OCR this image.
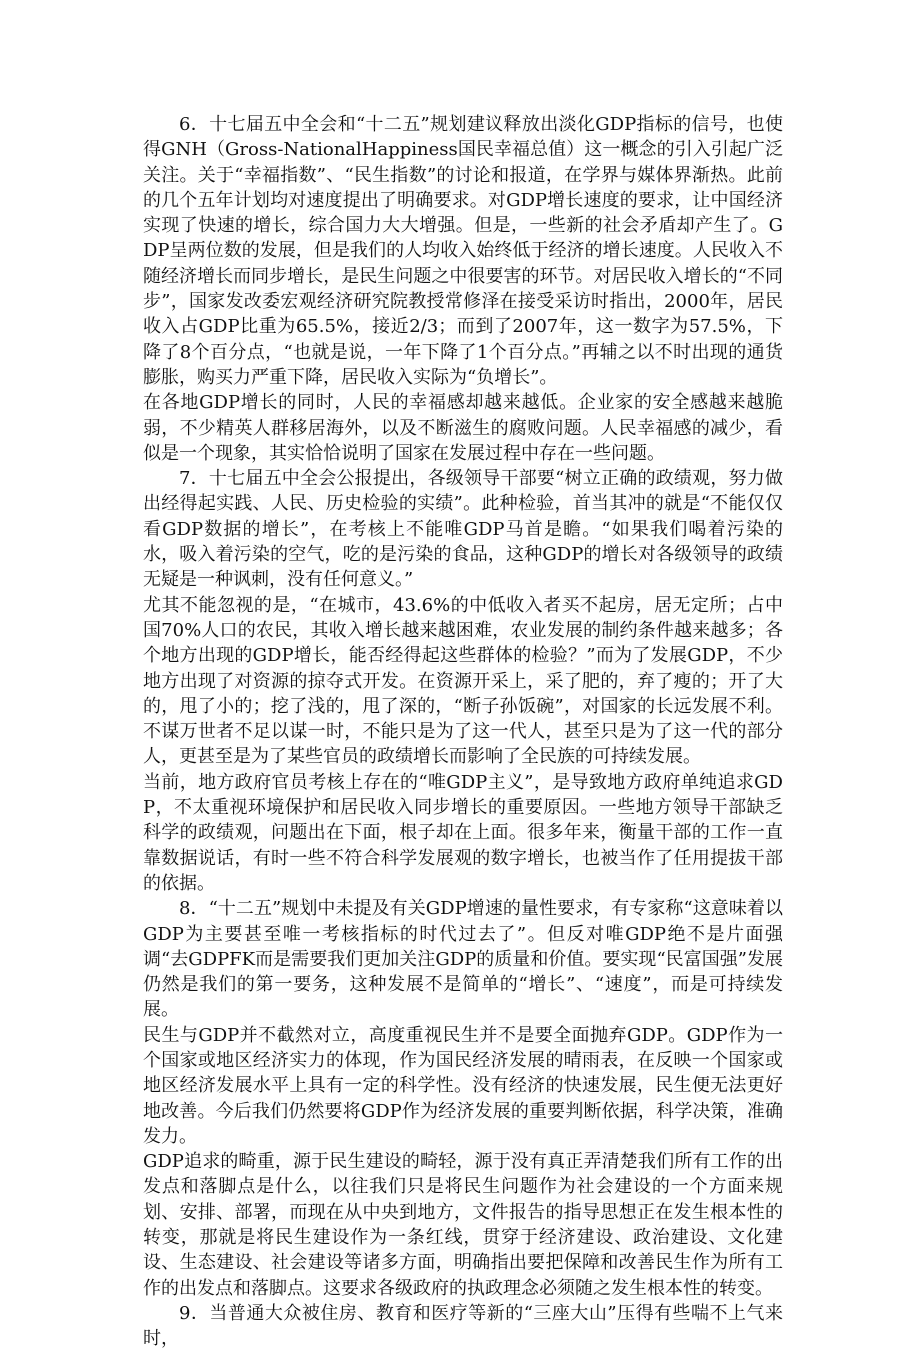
6．十七届五中全会和“十二五”规划建议释放出淡化GDP指标的信号，也使得GNH（Gross-NationalHappiness国民幸福总值）这一概念的引入引起广泛关注。关于“幸福指数”、“民生指数”的讨论和报道，在学界与媒体界渐热。此前的几个五年计划均对速度提出了明确要求。对GDP增长速度的要求，让中国经济实现了快速的增长，综合国力大大增强。但是，一些新的社会矛盾却产生了。GDP呈两位数的发展，但是我们的人均收入始终低于经济的增长速度。人民收入不随经济增长而同步增长，是民生问题之中很要害的环节。对居民收入增长的“不同步”，国家发改委宏观经济研究院教授常修泽在接受采访时指出，2000年，居民收入占GDP比重为65.5%，接近2/3；而到了2007年，这一数字为57.5%，下降了8个百分点，“也就是说，一年下降了1个百分点。”再辅之以不时出现的通货膨胀，购买力严重下降，居民收入实际为“负增长”。

在各地GDP增长的同时，人民的幸福感却越来越低。企业家的安全感越来越脆弱，不少精英人群移居海外，以及不断滋生的腐败问题。人民幸福感的减少，看似是一个现象，其实恰恰说明了国家在发展过程中存在一些问题。

7．十七届五中全会公报提出，各级领导干部要“树立正确的政绩观，努力做出经得起实践、人民、历史检验的实绩”。此种检验，首当其冲的就是“不能仅仅看GDP数据的增长”，在考核上不能唯GDP马首是瞻。“如果我们喝着污染的水，吸入着污染的空气，吃的是污染的食品，这种GDP的增长对各级领导的政绩无疑是一种讽刺，没有任何意义。”

尤其不能忽视的是，“在城市，43.6%的中低收入者买不起房，居无定所；占中国70%人口的农民，其收入增长越来越困难，农业发展的制约条件越来越多；各个地方出现的GDP增长，能否经得起这些群体的检验？”而为了发展GDP，不少地方出现了对资源的掠夺式开发。在资源开采上，采了肥的，弃了瘦的；开了大的，甩了小的；挖了浅的，甩了深的，“断子孙饭碗”，对国家的长远发展不利。不谋万世者不足以谋一时，不能只是为了这一代人，甚至只是为了这一代的部分人，更甚至是为了某些官员的政绩增长而影响了全民族的可持续发展。

当前，地方政府官员考核上存在的“唯GDP主义”，是导致地方政府单纯追求GDP，不太重视环境保护和居民收入同步增长的重要原因。一些地方领导干部缺乏科学的政绩观，问题出在下面，根子却在上面。很多年来，衡量干部的工作一直靠数据说话，有时一些不符合科学发展观的数字增长，也被当作了任用提拔干部的依据。

8．“十二五”规划中未提及有关GDP增速的量性要求，有专家称“这意味着以GDP为主要甚至唯一考核指标的时代过去了”。但反对唯GDP绝不是片面强调“去GDPFK而是需要我们更加关注GDP的质量和价值。要实现“民富国强”发展仍然是我们的第一要务，这种发展不是简单的“增长”、“速度”，而是可持续发展。

民生与GDP并不截然对立，高度重视民生并不是要全面抛弃GDP。GDP作为一个国家或地区经济实力的体现，作为国民经济发展的晴雨表，在反映一个国家或地区经济发展水平上具有一定的科学性。没有经济的快速发展，民生便无法更好地改善。今后我们仍然要将GDP作为经济发展的重要判断依据，科学决策，准确发力。

GDP追求的畸重，源于民生建设的畸轻，源于没有真正弄清楚我们所有工作的出发点和落脚点是什么，以往我们只是将民生问题作为社会建设的一个方面来规划、安排、部署，而现在从中央到地方，文件报告的指导思想正在发生根本性的转变，那就是将民生建设作为一条红线，贯穿于经济建设、政治建设、文化建设、生态建设、社会建设等诸多方面，明确指出要把保障和改善民生作为所有工作的出发点和落脚点。这要求各级政府的执政理念必须随之发生根本性的转变。

9．当普通大众被住房、教育和医疗等新的“三座大山”压得有些喘不上气来时，
